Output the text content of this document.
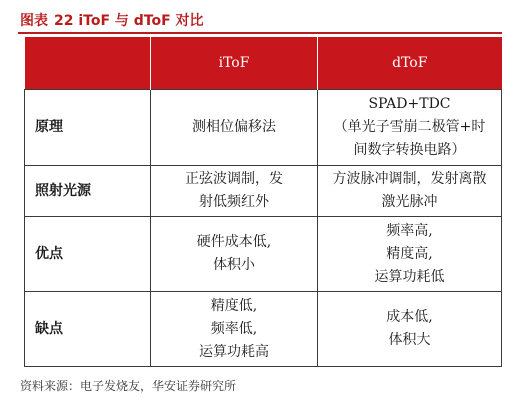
图表 22 iToF 与 dToF 对比
	iToF	dToF
原理	测相位偏移法	SPAD+TDC
（单光子雪崩二极管+时
间数字转换电路）

照射光源	正弦波调制，发
射低频红外	方波脉冲调制，发射离散
激光脉冲

优点	硬件成本低,
体积小	频率高,
精度高,
运算功耗低

缺点	精度低,
频率低,
运算功耗高	成本低,
体积大
资料来源：电子发烧友，华安证券研究所
